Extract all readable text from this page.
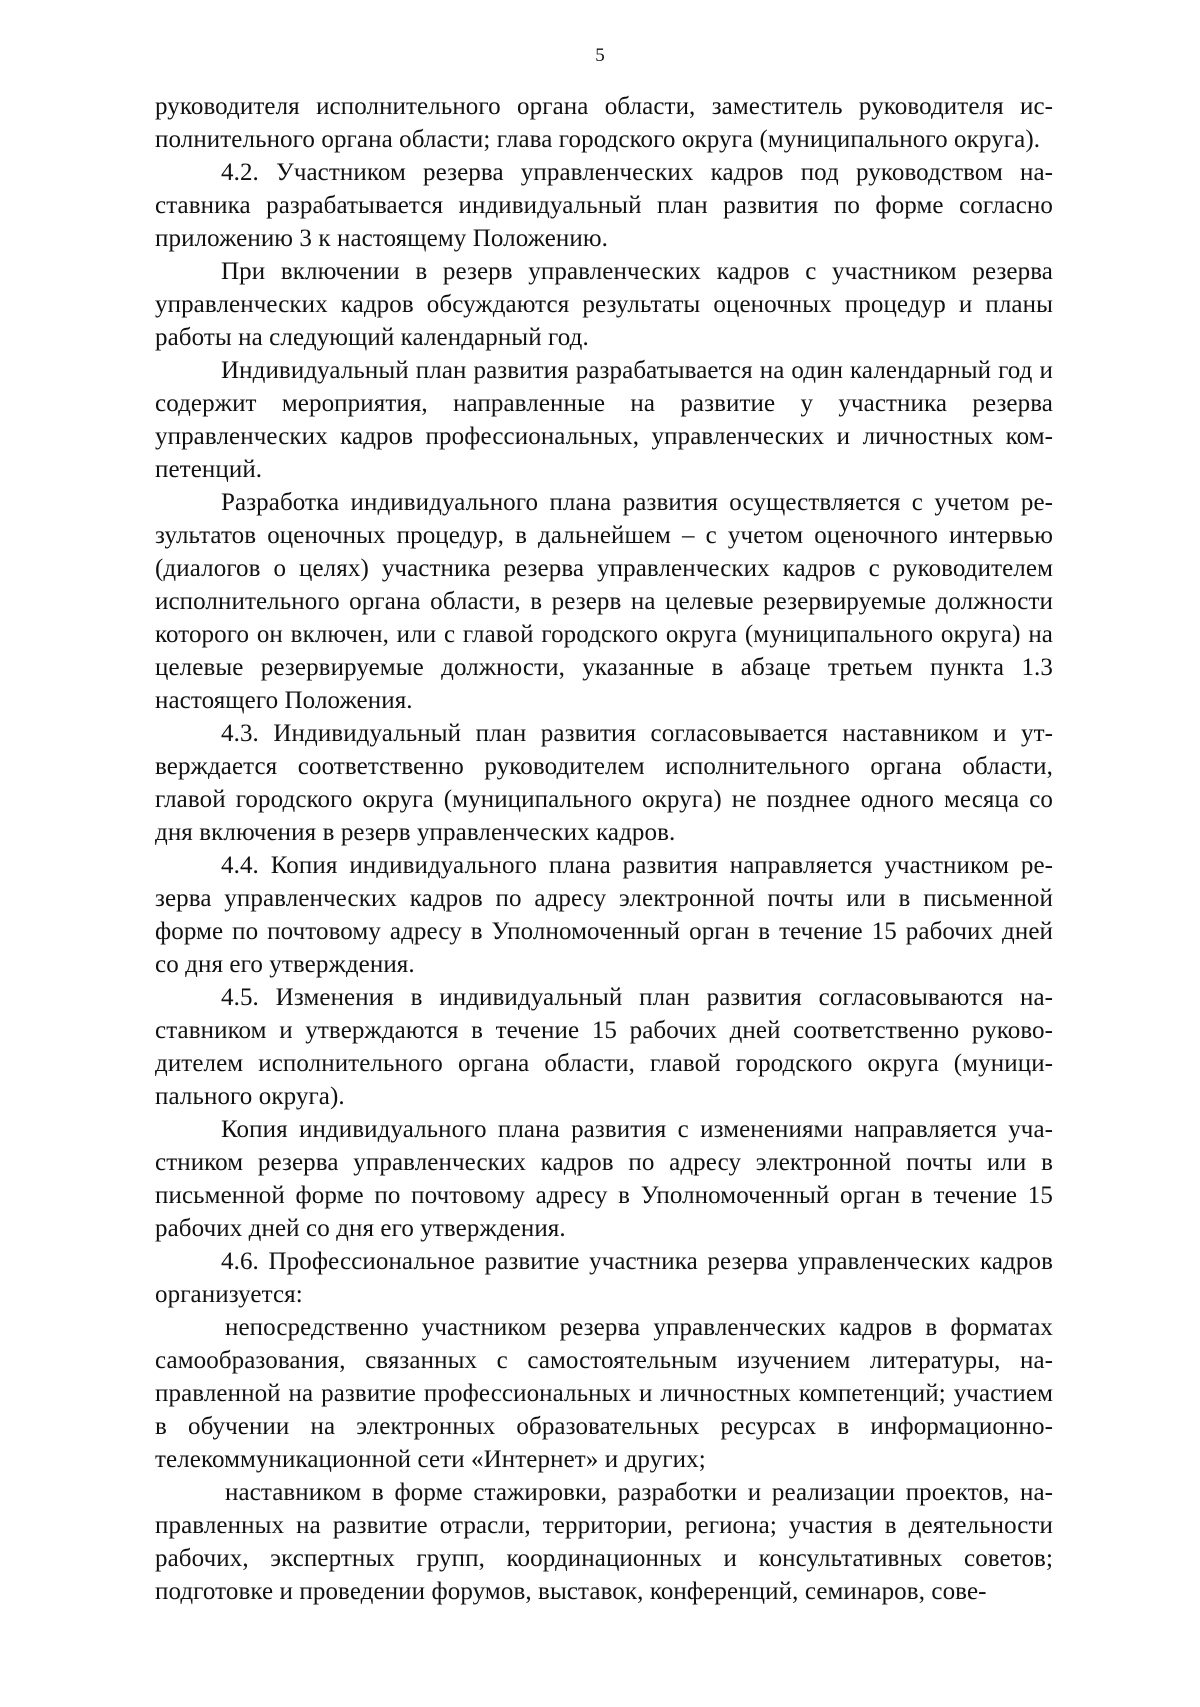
5

руководителя исполнительного органа области, заместитель руководителя исполнительного органа области; глава городского округа (муниципального округа).

4.2. Участником резерва управленческих кадров под руководством наставника разрабатывается индивидуальный план развития по форме согласно приложению 3 к настоящему Положению.

При включении в резерв управленческих кадров с участником резерва управленческих кадров обсуждаются результаты оценочных процедур и планы работы на следующий календарный год.

Индивидуальный план развития разрабатывается на один календарный год и содержит мероприятия, направленные на развитие у участника резерва управленческих кадров профессиональных, управленческих и личностных компетенций.

Разработка индивидуального плана развития осуществляется с учетом результатов оценочных процедур, в дальнейшем – с учетом оценочного интервью (диалогов о целях) участника резерва управленческих кадров с руководителем исполнительного органа области, в резерв на целевые резервируемые должности которого он включен, или с главой городского округа (муниципального округа) на целевые резервируемые должности, указанные в абзаце третьем пункта 1.3 настоящего Положения.

4.3. Индивидуальный план развития согласовывается наставником и утверждается соответственно руководителем исполнительного органа области, главой городского округа (муниципального округа) не позднее одного месяца со дня включения в резерв управленческих кадров.

4.4. Копия индивидуального плана развития направляется участником резерва управленческих кадров по адресу электронной почты или в письменной форме по почтовому адресу в Уполномоченный орган в течение 15 рабочих дней со дня его утверждения.

4.5. Изменения в индивидуальный план развития согласовываются наставником и утверждаются в течение 15 рабочих дней соответственно руководителем исполнительного органа области, главой городского округа (муниципального округа).

Копия индивидуального плана развития с изменениями направляется участником резерва управленческих кадров по адресу электронной почты или в письменной форме по почтовому адресу в Уполномоченный орган в течение 15 рабочих дней со дня его утверждения.

4.6. Профессиональное развитие участника резерва управленческих кадров организуется:

непосредственно участником резерва управленческих кадров в форматах самообразования, связанных с самостоятельным изучением литературы, направленной на развитие профессиональных и личностных компетенций; участием в обучении на электронных образовательных ресурсах в информационно-телекоммуникационной сети «Интернет» и других;

наставником в форме стажировки, разработки и реализации проектов, направленных на развитие отрасли, территории, региона; участия в деятельности рабочих, экспертных групп, координационных и консультативных советов; подготовке и проведении форумов, выставок, конференций, семинаров, сове-
